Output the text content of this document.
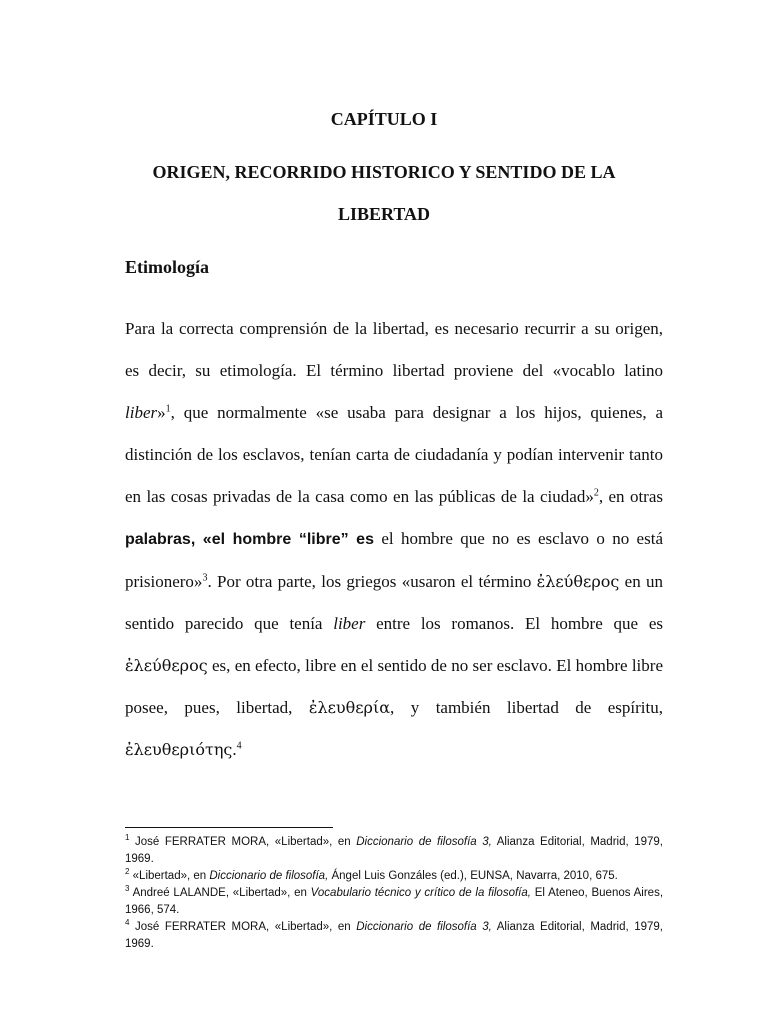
CAPÍTULO I
ORIGEN, RECORRIDO HISTORICO Y SENTIDO DE LA
LIBERTAD
Etimología

Para la correcta comprensión de la libertad, es necesario recurrir a su origen, es decir, su etimología. El término libertad proviene del «vocablo latino liber»$^1$, que normalmente «se usaba para designar a los hijos, quienes, a distinción de los esclavos, tenían carta de ciudadanía y podían intervenir tanto en las cosas privadas de la casa como en las públicas de la ciudad»$^2$, en otras palabras, «el hombre “libre” es el hombre que no es esclavo o no está prisionero»$^3$. Por otra parte, los griegos «usaron el término ἐλεύθερος en un sentido parecido que tenía liber entre los romanos. El hombre que es ἐλεύθερος es, en efecto, libre en el sentido de no ser esclavo. El hombre libre posee, pues, libertad, ἐλευθερία, y también libertad de espíritu, ἐλευθεριότης.$^4$

$^1$ José FERRATER MORA, «Libertad», en Diccionario de filosofía 3, Alianza Editorial, Madrid, 1979, 1969.

$^2$ «Libertad», en Diccionario de filosofía, Ángel Luis Gonzáles (ed.), EUNSA, Navarra, 2010, 675.

$^3$ Andreé LALANDE, «Libertad», en Vocabulario técnico y crítico de la filosofía, El Ateneo, Buenos Aires, 1966, 574.

$^4$ José FERRATER MORA, «Libertad», en Diccionario de filosofía 3, Alianza Editorial, Madrid, 1979, 1969.
